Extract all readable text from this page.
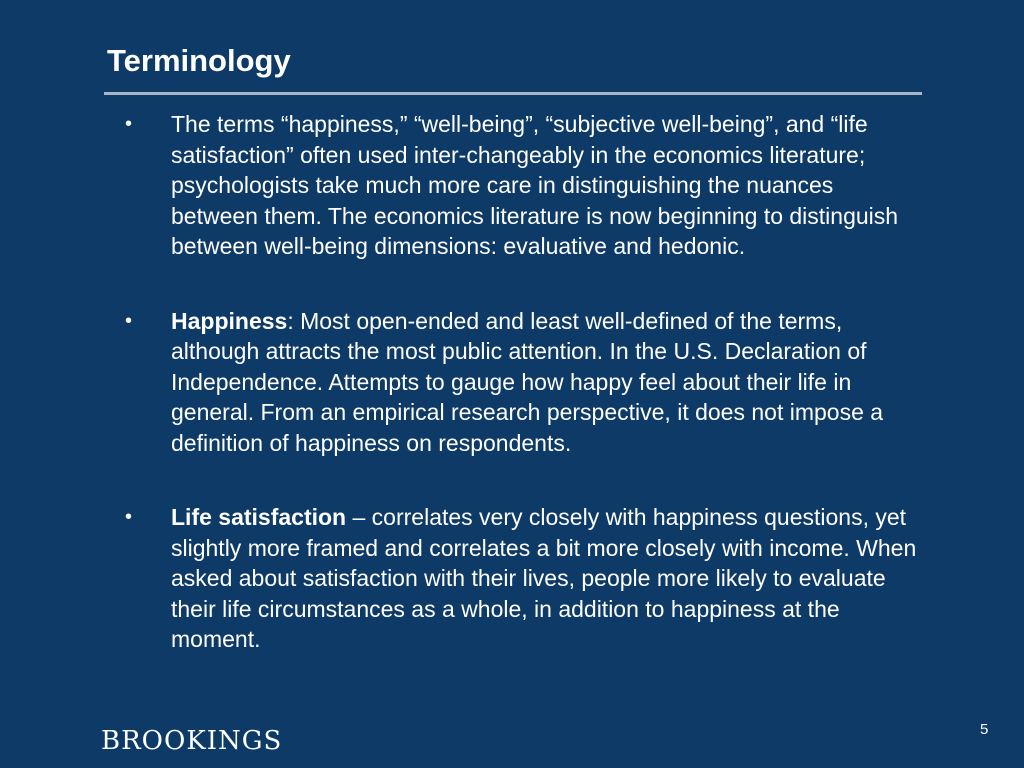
Terminology
• The terms “happiness,” “well-being”, “subjective well-being”, and “life satisfaction” often used inter-changeably in the economics literature; psychologists take much more care in distinguishing the nuances between them. The economics literature is now beginning to distinguish between well-being dimensions: evaluative and hedonic.
• Happiness: Most open-ended and least well-defined of the terms, although attracts the most public attention. In the U.S. Declaration of Independence. Attempts to gauge how happy feel about their life in general. From an empirical research perspective, it does not impose a definition of happiness on respondents.
• Life satisfaction – correlates very closely with happiness questions, yet slightly more framed and correlates a bit more closely with income. When asked about satisfaction with their lives, people more likely to evaluate their life circumstances as a whole, in addition to happiness at the moment.
BROOKINGS	5
